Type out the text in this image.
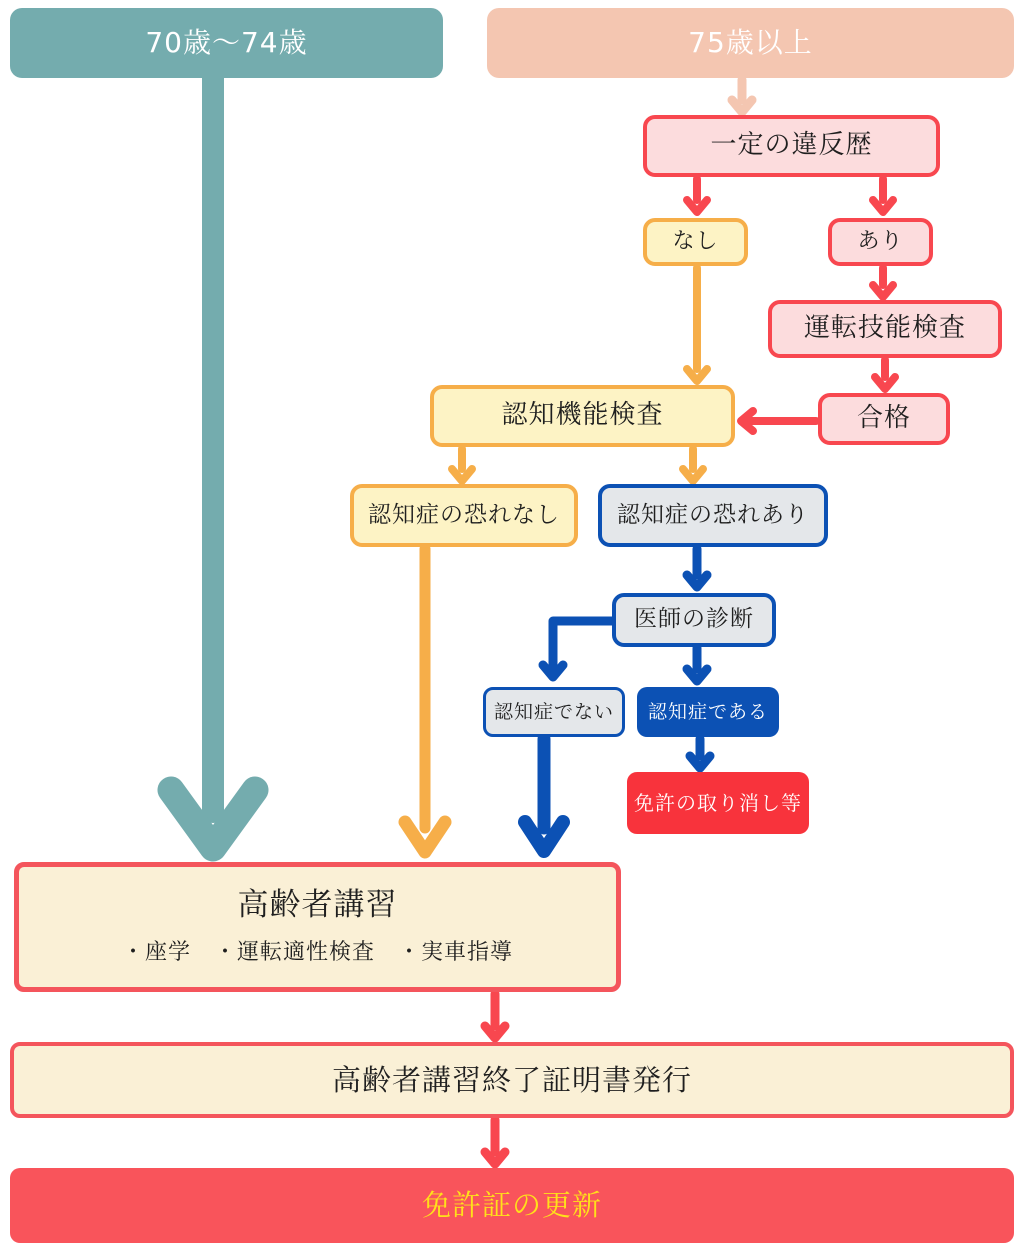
70歳～74歳	75歳以上
一定の違反歴
なし	あり
運転技能検査
合格
認知機能検査
認知症の恐れなし	認知症の恐れあり
医師の診断
認知症でない	認知症である
免許の取り消し等
高齢者講習
・座学　・運転適性検査　・実車指導
高齢者講習終了証明書発行
免許証の更新
